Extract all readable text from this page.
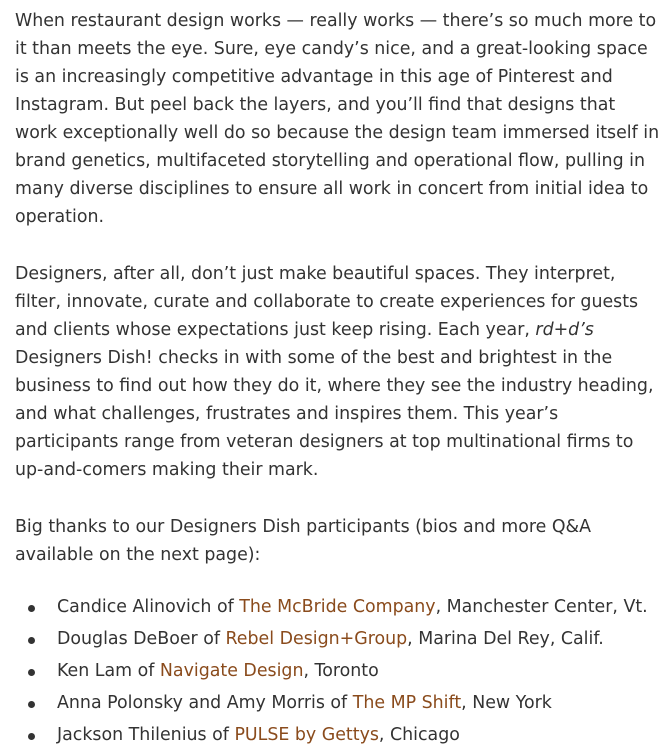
When restaurant design works — really works — there’s so much more to it than meets the eye. Sure, eye candy’s nice, and a great-looking space is an increasingly competitive advantage in this age of Pinterest and Instagram. But peel back the layers, and you’ll find that designs that work exceptionally well do so because the design team immersed itself in brand genetics, multifaceted storytelling and operational flow, pulling in many diverse disciplines to ensure all work in concert from initial idea to operation.

Designers, after all, don’t just make beautiful spaces. They interpret, filter, innovate, curate and collaborate to create experiences for guests and clients whose expectations just keep rising. Each year, rd+d’s Designers Dish! checks in with some of the best and brightest in the business to find out how they do it, where they see the industry heading, and what challenges, frustrates and inspires them. This year’s participants range from veteran designers at top multinational firms to up-and-comers making their mark.

Big thanks to our Designers Dish participants (bios and more Q&A available on the next page):

Candice Alinovich of The McBride Company, Manchester Center, Vt.
Douglas DeBoer of Rebel Design+Group, Marina Del Rey, Calif.
Ken Lam of Navigate Design, Toronto
Anna Polonsky and Amy Morris of The MP Shift, New York
Jackson Thilenius of PULSE by Gettys, Chicago
